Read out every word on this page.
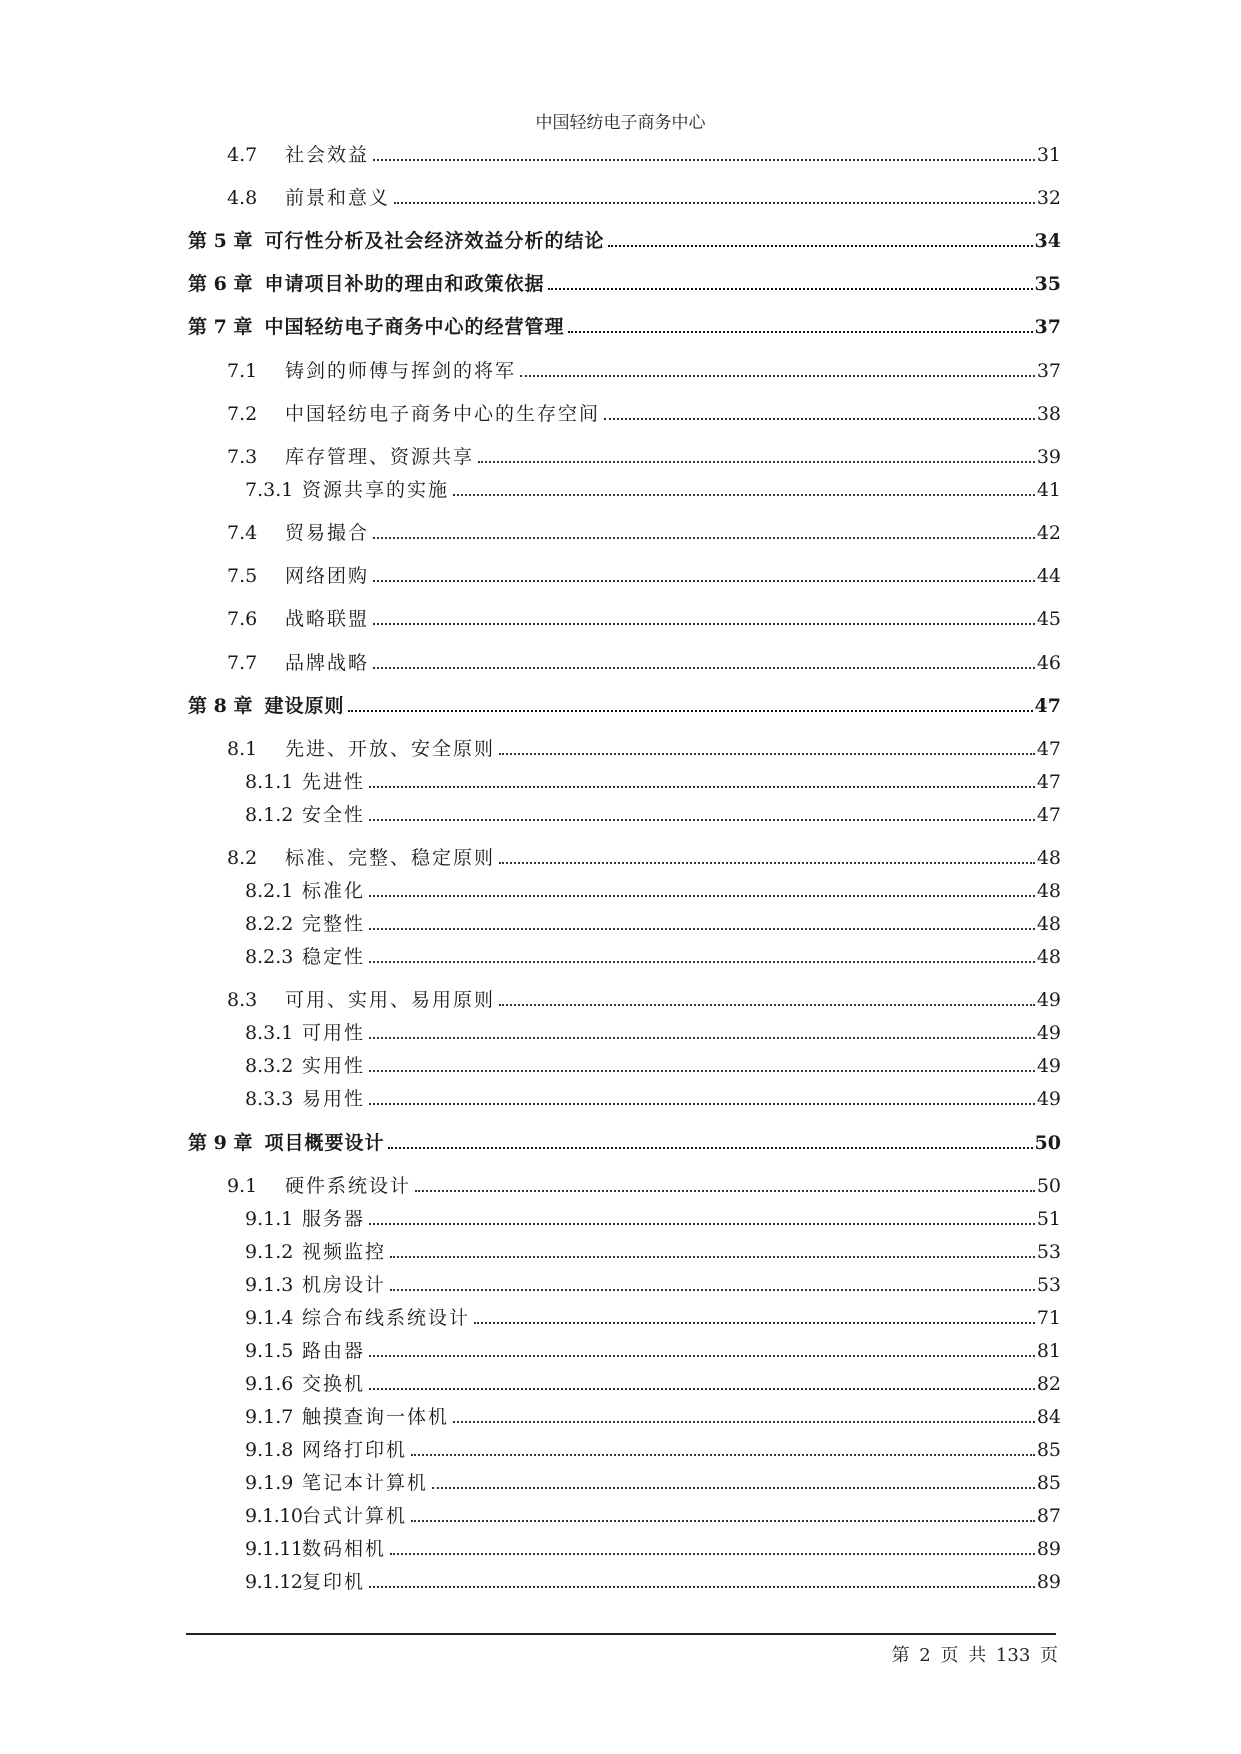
中国轻纺电子商务中心
4.7	社会效益	31
4.8	前景和意义	32
第 5 章 可行性分析及社会经济效益分析的结论	34
第 6 章 申请项目补助的理由和政策依据	35
第 7 章 中国轻纺电子商务中心的经营管理	37
7.1	铸剑的师傅与挥剑的将军	37
7.2	中国轻纺电子商务中心的生存空间	38
7.3	库存管理、资源共享	39
7.3.1 资源共享的实施	41
7.4	贸易撮合	42
7.5	网络团购	44
7.6	战略联盟	45
7.7	品牌战略	46
第 8 章 建设原则	47
8.1	先进、开放、安全原则	47
8.1.1 先进性	47
8.1.2 安全性	47
8.2	标准、完整、稳定原则	48
8.2.1 标准化	48
8.2.2 完整性	48
8.2.3 稳定性	48
8.3	可用、实用、易用原则	49
8.3.1 可用性	49
8.3.2 实用性	49
8.3.3 易用性	49
第 9 章 项目概要设计	50
9.1	硬件系统设计	50
9.1.1 服务器	51
9.1.2 视频监控	53
9.1.3 机房设计	53
9.1.4 综合布线系统设计	71
9.1.5 路由器	81
9.1.6 交换机	82
9.1.7 触摸查询一体机	84
9.1.8 网络打印机	85
9.1.9 笔记本计算机	85
9.1.10 台式计算机	87
9.1.11 数码相机	89
9.1.12 复印机	89
第 2 页 共 133 页
